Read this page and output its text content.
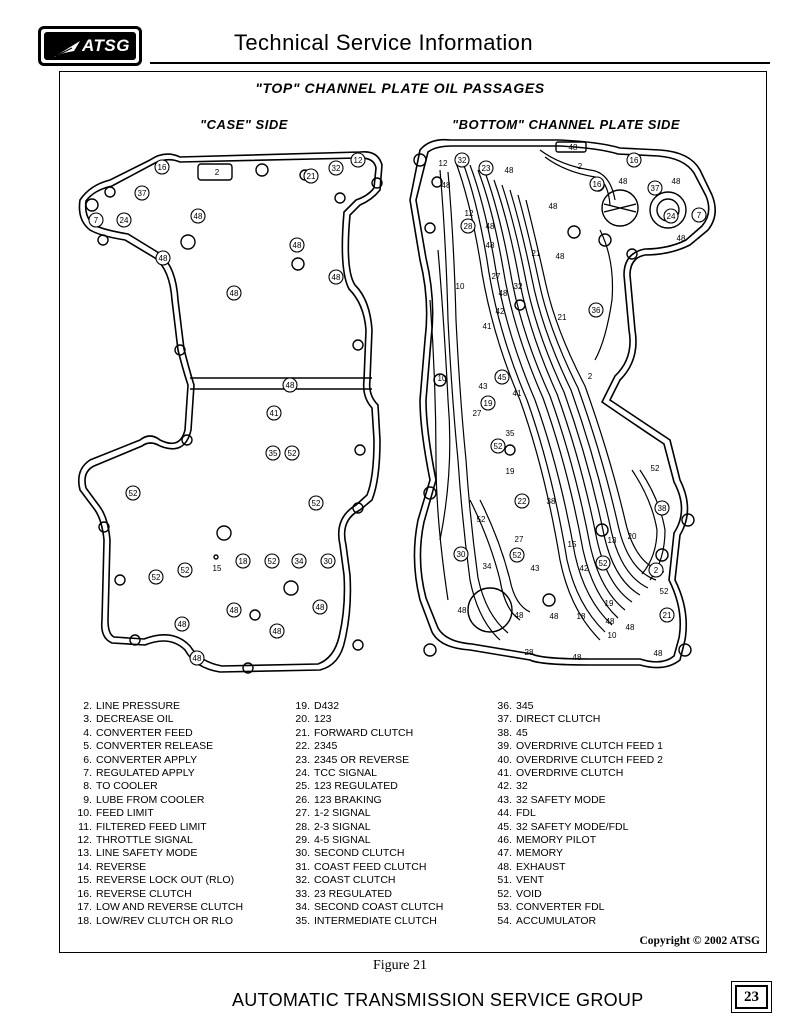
ATSG	Technical Service Information
"TOP" CHANNEL PLATE OIL PASSAGES
"CASE" SIDE	"BOTTOM" CHANNEL PLATE SIDE
16
2	32
12
21
37
7	24	48
48
48
48
48
48
41
35 52
52
52
15
18	52 34	30
52
52
48	48
48
48
48
48
2
16
12 32
23 48
48	16 48
37
48
48
24	7
12
28 48
48
48
21 48
27
10	32
48
42
21
36
41
10
43
45	2
19
41
27
35
52
19	52
22	38
38
52
27
15	13 20
30
34
52
43	42
52
2
52
19
48
48	48 18
48
21
10
48
28
48	48
2. LINE PRESSURE
3. DECREASE OIL
4. CONVERTER FEED
5. CONVERTER RELEASE
6. CONVERTER APPLY
7. REGULATED APPLY
8. TO COOLER
9. LUBE FROM COOLER
10. FEED LIMIT
11. FILTERED FEED LIMIT
12. THROTTLE SIGNAL
13. LINE SAFETY MODE
14. REVERSE
15. REVERSE LOCK OUT (RLO)
16. REVERSE CLUTCH
17. LOW AND REVERSE CLUTCH
18. LOW/REV CLUTCH OR RLO
19. D432
20. 123
21. FORWARD CLUTCH
22. 2345
23. 2345 OR REVERSE
24. TCC SIGNAL
25. 123 REGULATED
26. 123 BRAKING
27. 1-2 SIGNAL
28. 2-3 SIGNAL
29. 4-5 SIGNAL
30. SECOND CLUTCH
31. COAST FEED CLUTCH
32. COAST CLUTCH
33. 23 REGULATED
34. SECOND COAST CLUTCH
35. INTERMEDIATE CLUTCH
36. 345
37. DIRECT CLUTCH
38. 45
39. OVERDRIVE CLUTCH FEED 1
40. OVERDRIVE CLUTCH FEED 2
41. OVERDRIVE CLUTCH
42. 32
43. 32 SAFETY MODE
44. FDL
45. 32 SAFETY MODE/FDL
46. MEMORY PILOT
47. MEMORY
48. EXHAUST
51. VENT
52. VOID
53. CONVERTER FDL
54. ACCUMULATOR
Copyright © 2002 ATSG
Figure 21
AUTOMATIC TRANSMISSION SERVICE GROUP	23
